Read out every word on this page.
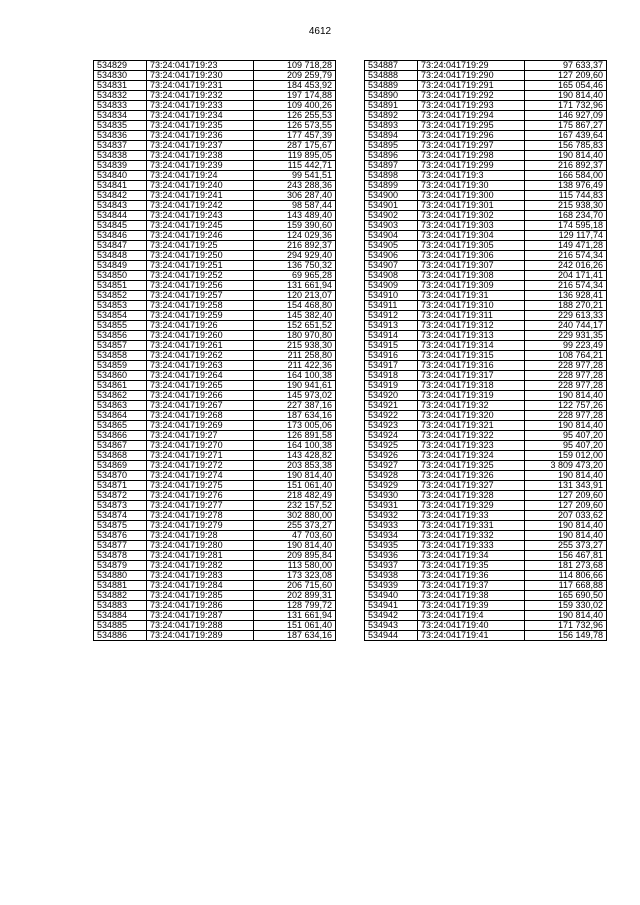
4612
534829	73:24:041719:23	109 718,28
534830	73:24:041719:230	209 259,79
534831	73:24:041719:231	184 453,92
534832	73:24:041719:232	197 174,88
534833	73:24:041719:233	109 400,26
534834	73:24:041719:234	126 255,53
534835	73:24:041719:235	126 573,55
534836	73:24:041719:236	177 457,39
534837	73:24:041719:237	287 175,67
534838	73:24:041719:238	119 895,05
534839	73:24:041719:239	115 442,71
534840	73:24:041719:24	99 541,51
534841	73:24:041719:240	243 288,36
534842	73:24:041719:241	306 287,40
534843	73:24:041719:242	98 587,44
534844	73:24:041719:243	143 489,40
534845	73:24:041719:245	159 390,60
534846	73:24:041719:246	124 029,36
534847	73:24:041719:25	216 892,37
534848	73:24:041719:250	294 929,40
534849	73:24:041719:251	136 750,32
534850	73:24:041719:252	69 965,28
534851	73:24:041719:256	131 661,94
534852	73:24:041719:257	120 213,07
534853	73:24:041719:258	154 468,80
534854	73:24:041719:259	145 382,40
534855	73:24:041719:26	152 651,52
534856	73:24:041719:260	180 970,80
534857	73:24:041719:261	215 938,30
534858	73:24:041719:262	211 258,80
534859	73:24:041719:263	211 422,36
534860	73:24:041719:264	164 100,38
534861	73:24:041719:265	190 941,61
534862	73:24:041719:266	145 973,02
534863	73:24:041719:267	227 387,16
534864	73:24:041719:268	187 634,16
534865	73:24:041719:269	173 005,06
534866	73:24:041719:27	126 891,58
534867	73:24:041719:270	164 100,38
534868	73:24:041719:271	143 428,82
534869	73:24:041719:272	203 853,38
534870	73:24:041719:274	190 814,40
534871	73:24:041719:275	151 061,40
534872	73:24:041719:276	218 482,49
534873	73:24:041719:277	232 157,52
534874	73:24:041719:278	302 880,00
534875	73:24:041719:279	255 373,27
534876	73:24:041719:28	47 703,60
534877	73:24:041719:280	190 814,40
534878	73:24:041719:281	209 895,84
534879	73:24:041719:282	113 580,00
534880	73:24:041719:283	173 323,08
534881	73:24:041719:284	206 715,60
534882	73:24:041719:285	202 899,31
534883	73:24:041719:286	128 799,72
534884	73:24:041719:287	131 661,94
534885	73:24:041719:288	151 061,40
534886	73:24:041719:289	187 634,16
534887	73:24:041719:29	97 633,37
534888	73:24:041719:290	127 209,60
534889	73:24:041719:291	165 054,46
534890	73:24:041719:292	190 814,40
534891	73:24:041719:293	171 732,96
534892	73:24:041719:294	146 927,09
534893	73:24:041719:295	175 867,27
534894	73:24:041719:296	167 439,64
534895	73:24:041719:297	156 785,83
534896	73:24:041719:298	190 814,40
534897	73:24:041719:299	216 892,37
534898	73:24:041719:3	166 584,00
534899	73:24:041719:30	138 976,49
534900	73:24:041719:300	115 744,83
534901	73:24:041719:301	215 938,30
534902	73:24:041719:302	168 234,70
534903	73:24:041719:303	174 595,18
534904	73:24:041719:304	129 117,74
534905	73:24:041719:305	149 471,28
534906	73:24:041719:306	216 574,34
534907	73:24:041719:307	242 016,26
534908	73:24:041719:308	204 171,41
534909	73:24:041719:309	216 574,34
534910	73:24:041719:31	136 928,41
534911	73:24:041719:310	188 270,21
534912	73:24:041719:311	229 613,33
534913	73:24:041719:312	240 744,17
534914	73:24:041719:313	229 931,35
534915	73:24:041719:314	99 223,49
534916	73:24:041719:315	108 764,21
534917	73:24:041719:316	228 977,28
534918	73:24:041719:317	228 977,28
534919	73:24:041719:318	228 977,28
534920	73:24:041719:319	190 814,40
534921	73:24:041719:32	122 757,26
534922	73:24:041719:320	228 977,28
534923	73:24:041719:321	190 814,40
534924	73:24:041719:322	95 407,20
534925	73:24:041719:323	95 407,20
534926	73:24:041719:324	159 012,00
534927	73:24:041719:325	3 809 473,20
534928	73:24:041719:326	190 814,40
534929	73:24:041719:327	131 343,91
534930	73:24:041719:328	127 209,60
534931	73:24:041719:329	127 209,60
534932	73:24:041719:33	207 033,62
534933	73:24:041719:331	190 814,40
534934	73:24:041719:332	190 814,40
534935	73:24:041719:333	255 373,27
534936	73:24:041719:34	156 467,81
534937	73:24:041719:35	181 273,68
534938	73:24:041719:36	114 806,66
534939	73:24:041719:37	117 668,88
534940	73:24:041719:38	165 690,50
534941	73:24:041719:39	159 330,02
534942	73:24:041719:4	190 814,40
534943	73:24:041719:40	171 732,96
534944	73:24:041719:41	156 149,78
